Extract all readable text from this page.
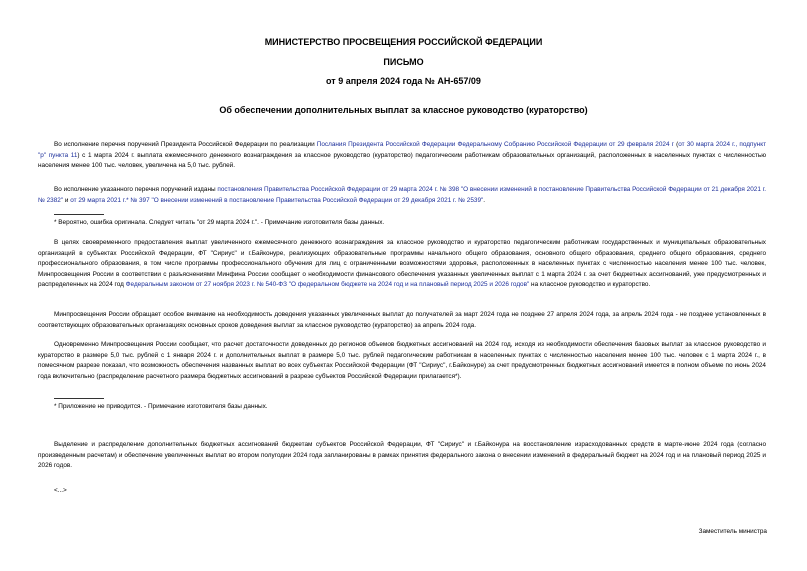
МИНИСТЕРСТВО ПРОСВЕЩЕНИЯ РОССИЙСКОЙ ФЕДЕРАЦИИ
ПИСЬМО
от 9 апреля 2024 года № АН-657/09
Об обеспечении дополнительных выплат за классное руководство (кураторство)
Во исполнение перечня поручений Президента Российской Федерации по реализации Послания Президента Российской Федерации Федеральному Собранию Российской Федерации от 29 февраля 2024 г (от 30 марта 2024 г., подпункт "р" пункта 11) с 1 марта 2024 г. выплата ежемесячного денежного вознаграждения за классное руководство (кураторство) педагогическим работникам образовательных организаций, расположенных в населенных пунктах с численностью населения менее 100 тыс. человек, увеличена на 5,0 тыс. рублей.
Во исполнение указанного перечня поручений изданы постановления Правительства Российской Федерации от 29 марта 2024 г. № 398 "О внесении изменений в постановление Правительства Российской Федерации от 21 декабря 2021 г. № 2382" и от 29 марта 2021 г.* № 397 "О внесении изменений в постановление Правительства Российской Федерации от 29 декабря 2021 г. № 2539".
* Вероятно, ошибка оригинала. Следует читать "от 29 марта 2024 г.". - Примечание изготовителя базы данных.
В целях своевременного предоставления выплат увеличенного ежемесячного денежного вознаграждения за классное руководство и кураторство педагогическим работникам государственных и муниципальных образовательных организаций в субъектах Российской Федерации, ФТ "Сириус" и г.Байконуре, реализующих образовательные программы начального общего образования, основного общего образования, среднего общего образования, среднего профессионального образования, в том числе программы профессионального обучения для лиц с ограниченными возможностями здоровья, расположенных в населенных пунктах с численностью населения менее 100 тыс. человек, Минпросвещения России в соответствии с разъяснениями Минфина России сообщает о необходимости финансового обеспечения указанных увеличенных выплат с 1 марта 2024 г. за счет бюджетных ассигнований, уже предусмотренных и распределенных на 2024 год Федеральным законом от 27 ноября 2023 г. № 540-ФЗ "О федеральном бюджете на 2024 год и на плановый период 2025 и 2026 годов" на классное руководство и кураторство.
Минпросвещения России обращает особое внимание на необходимость доведения указанных увеличенных выплат до получателей за март 2024 года не позднее 27 апреля 2024 года, за апрель 2024 года - не позднее установленных в соответствующих образовательных организациях основных сроков доведения выплат за классное руководство (кураторство) за апрель 2024 года.
Одновременно Минпросвещения России сообщает, что расчет достаточности доведенных до регионов объемов бюджетных ассигнований на 2024 год, исходя из необходимости обеспечения базовых выплат за классное руководство и кураторство в размере 5,0 тыс. рублей с 1 января 2024 г. и дополнительных выплат в размере 5,0 тыс. рублей педагогическим работникам в населенных пунктах с численностью населения менее 100 тыс. человек с 1 марта 2024 г., в помесячном разрезе показал, что возможность обеспечения названных выплат во всех субъектах Российской Федерации (ФТ "Сириус", г.Байконуре) за счет предусмотренных бюджетных ассигнований имеется в полном объеме по июнь 2024 года включительно (распределение расчетного размера бюджетных ассигнований в разрезе субъектов Российской Федерации прилагается*).
* Приложение не приводится. - Примечание изготовителя базы данных.
Выделение и распределение дополнительных бюджетных ассигнований бюджетам субъектов Российской Федерации, ФТ "Сириус" и г.Байконура на восстановление израсходованных средств в марте-июне 2024 года (согласно произведенным расчетам) и обеспечение увеличенных выплат во втором полугодии 2024 года запланированы в рамках принятия федерального закона о внесении изменений в федеральный бюджет на 2024 год и на плановый период 2025 и 2026 годов.
<...>
Заместитель министра
